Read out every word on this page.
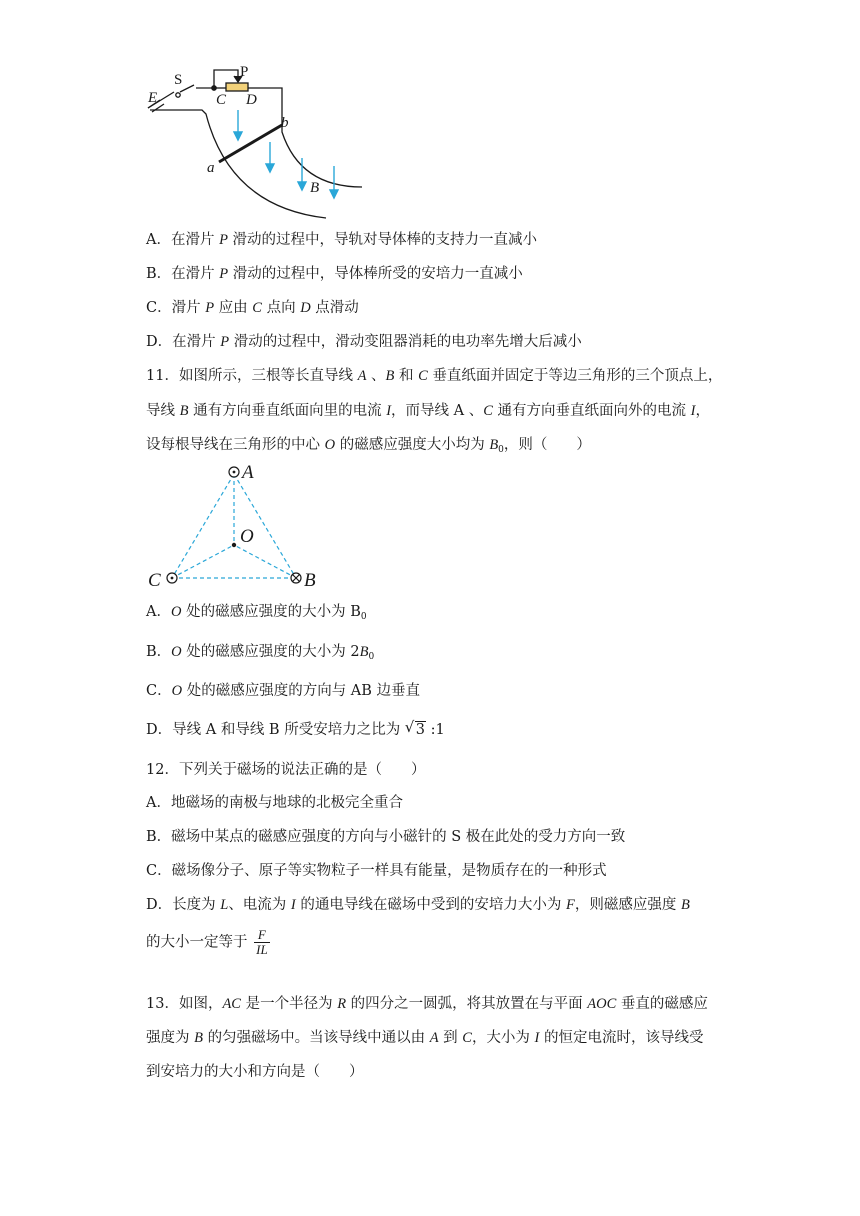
E
S	P
C D
a
b
B
A．在滑片 P 滑动的过程中，导轨对导体棒的支持力一直减小
B．在滑片 P 滑动的过程中，导体棒所受的安培力一直减小
C．滑片 P 应由 C 点向 D 点滑动
D．在滑片 P 滑动的过程中，滑动变阻器消耗的电功率先增大后减小
11．如图所示，三根等长直导线 A 、B 和 C 垂直纸面并固定于等边三角形的三个顶点上，
导线 B 通有方向垂直纸面向里的电流 I，而导线 A 、C 通有方向垂直纸面向外的电流 I，
设每根导线在三角形的中心 O 的磁感应强度大小均为 $B_0$，则（　　）
A
O
C	B
A．O 处的磁感应强度的大小为 $B_0$
B．O 处的磁感应强度的大小为 $2B_0$
C．O 处的磁感应强度的方向与 AB 边垂直
D．导线 A 和导线 B 所受安培力之比为 √ 3 :1
12．下列关于磁场的说法正确的是（　　）
A．地磁场的南极与地球的北极完全重合
B．磁场中某点的磁感应强度的方向与小磁针的 S 极在此处的受力方向一致
C．磁场像分子、原子等实物粒子一样具有能量，是物质存在的一种形式
D．长度为 L、电流为 I 的通电导线在磁场中受到的安培力大小为 F，则磁感应强度 B
的大小一定等于 $\frac{F}{IL}$
13．如图，AC 是一个半径为 R 的四分之一圆弧，将其放置在与平面 AOC 垂直的磁感应
强度为 B 的匀强磁场中。当该导线中通以由 A 到 C，大小为 I 的恒定电流时，该导线受
到安培力的大小和方向是（　　）
